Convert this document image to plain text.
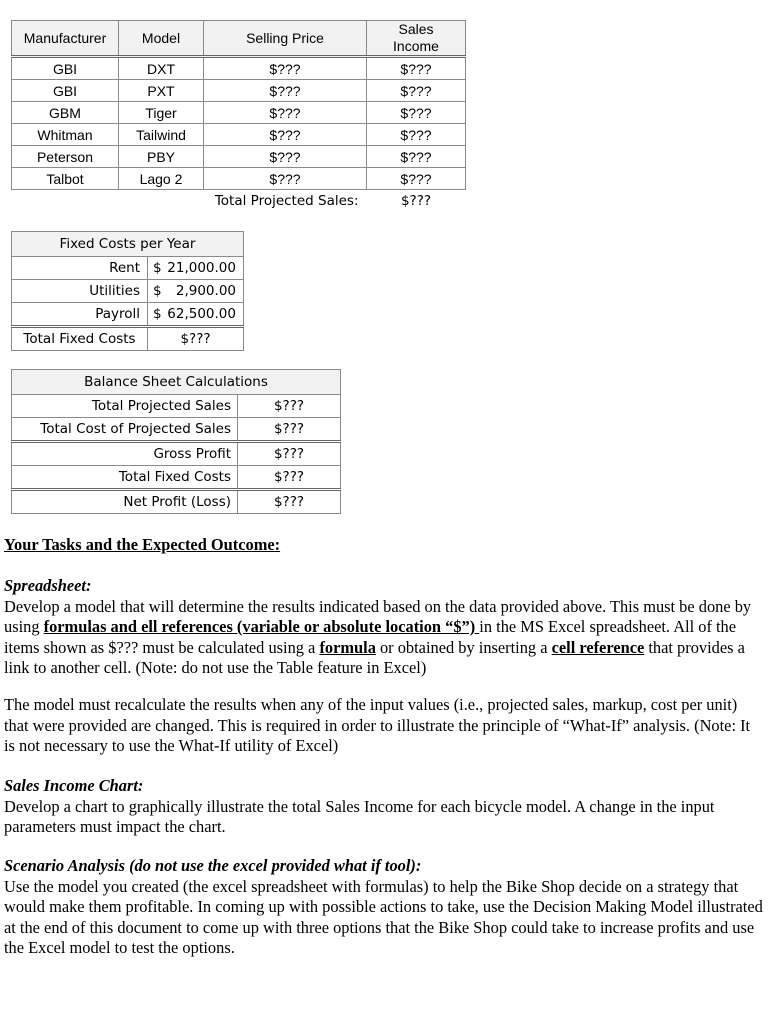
Manufacturer	Model	Selling Price	Sales
Income
GBI	DXT	$???	$???
GBI	PXT	$???	$???
GBM	Tiger	$???	$???
Whitman	Tailwind	$???	$???
Peterson	PBY	$???	$???
Talbot	Lago 2	$???	$???
Total Projected Sales:			$???
Fixed Costs per Year	
Rent	$ 21,000.00

Utilities	$ 2,900.00

Payroll	$ 62,500.00

Total Fixed Costs	$???
Balance Sheet Calculations	
Total Projected Sales	$???
Total Cost of Projected Sales	$???
Gross Profit	$???
Total Fixed Costs	$???
Net Profit (Loss)	$???

Your Tasks and the Expected Outcome:

Spreadsheet:
Develop a model that will determine the results indicated based on the data provided above. This must be done by using formulas and ell references (variable or absolute location “$”) in the MS Excel spreadsheet. All of the items shown as $??? must be calculated using a formula or obtained by inserting a cell reference that provides a link to another cell. (Note: do not use the Table feature in Excel)

The model must recalculate the results when any of the input values (i.e., projected sales, markup, cost per unit) that were provided are changed. This is required in order to illustrate the principle of “What-If” analysis. (Note: It is not necessary to use the What-If utility of Excel)

Sales Income Chart:
Develop a chart to graphically illustrate the total Sales Income for each bicycle model. A change in the input parameters must impact the chart.
Scenario Analysis (do not use the excel provided what if tool):
Use the model you created (the excel spreadsheet with formulas) to help the Bike Shop decide on a strategy that would make them profitable. In coming up with possible actions to take, use the Decision Making Model illustrated at the end of this document to come up with three options that the Bike Shop could take to increase profits and use the Excel model to test the options.
